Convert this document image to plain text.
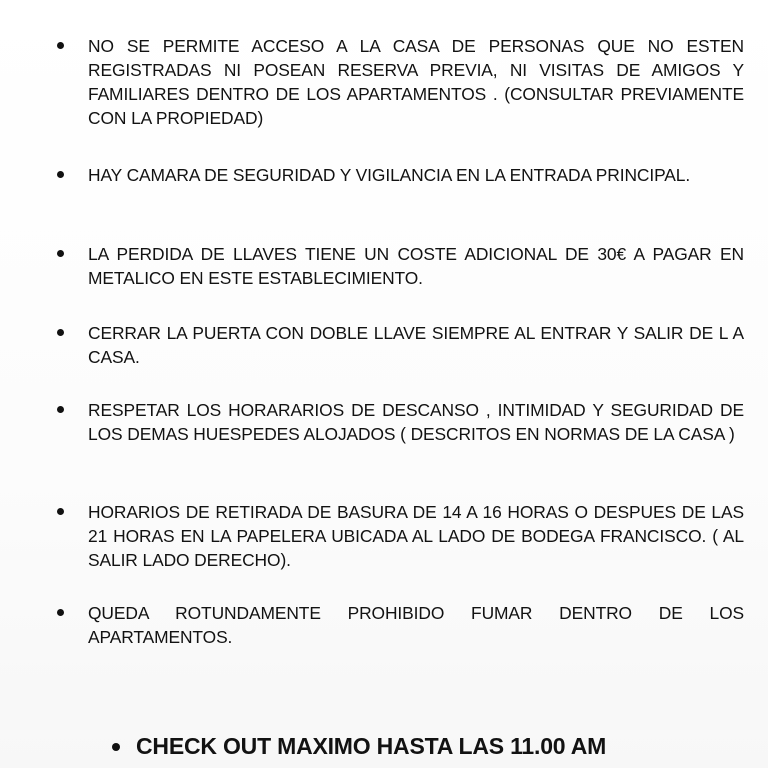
NO SE PERMITE ACCESO A LA CASA DE PERSONAS QUE NO ESTEN REGISTRADAS NI POSEAN RESERVA PREVIA, NI VISITAS DE AMIGOS Y FAMILIARES DENTRO DE LOS APARTAMENTOS . (CONSULTAR PREVIAMENTE CON LA PROPIEDAD)

HAY CAMARA DE SEGURIDAD Y VIGILANCIA EN LA ENTRADA PRINCIPAL.

LA PERDIDA DE LLAVES TIENE UN COSTE ADICIONAL DE 30€ A PAGAR EN METALICO EN ESTE ESTABLECIMIENTO.

CERRAR LA PUERTA CON DOBLE LLAVE SIEMPRE AL ENTRAR Y SALIR DE L A CASA.

RESPETAR LOS HORARARIOS DE DESCANSO , INTIMIDAD Y SEGURIDAD DE LOS DEMAS HUESPEDES ALOJADOS ( DESCRITOS EN NORMAS DE LA CASA )

HORARIOS DE RETIRADA DE BASURA DE 14 A 16 HORAS O DESPUES DE LAS 21 HORAS EN LA PAPELERA UBICADA AL LADO DE BODEGA FRANCISCO. ( AL SALIR LADO DERECHO).

QUEDA ROTUNDAMENTE PROHIBIDO FUMAR DENTRO DE LOS APARTAMENTOS.

CHECK OUT MAXIMO HASTA LAS 11.00 AM
